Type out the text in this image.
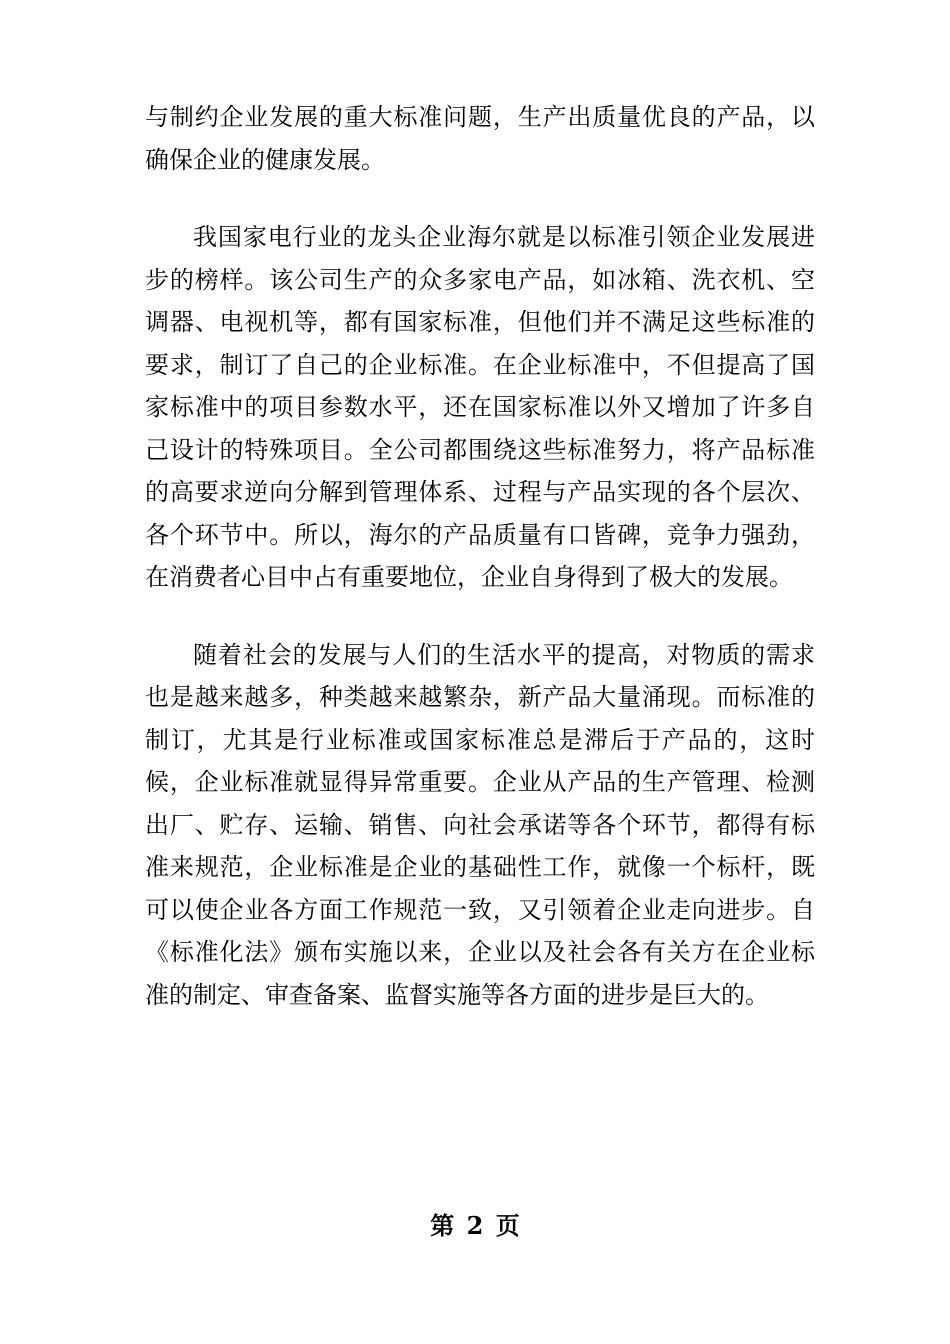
与制约企业发展的重大标准问题，生产出质量优良的产品，以确保企业的健康发展。

我国家电行业的龙头企业海尔就是以标准引领企业发展进步的榜样。该公司生产的众多家电产品，如冰箱、洗衣机、空调器、电视机等，都有国家标准，但他们并不满足这些标准的要求，制订了自己的企业标准。在企业标准中，不但提高了国家标准中的项目参数水平，还在国家标准以外又增加了许多自己设计的特殊项目。全公司都围绕这些标准努力，将产品标准的高要求逆向分解到管理体系、过程与产品实现的各个层次、各个环节中。所以，海尔的产品质量有口皆碑，竞争力强劲，在消费者心目中占有重要地位，企业自身得到了极大的发展。

随着社会的发展与人们的生活水平的提高，对物质的需求也是越来越多，种类越来越繁杂，新产品大量涌现。而标准的制订，尤其是行业标准或国家标准总是滞后于产品的，这时候，企业标准就显得异常重要。企业从产品的生产管理、检测出厂、贮存、运输、销售、向社会承诺等各个环节，都得有标准来规范，企业标准是企业的基础性工作，就像一个标杆，既可以使企业各方面工作规范一致，又引领着企业走向进步。自《标准化法》颁布实施以来，企业以及社会各有关方在企业标准的制定、审查备案、监督实施等各方面的进步是巨大的。

第 2 页
